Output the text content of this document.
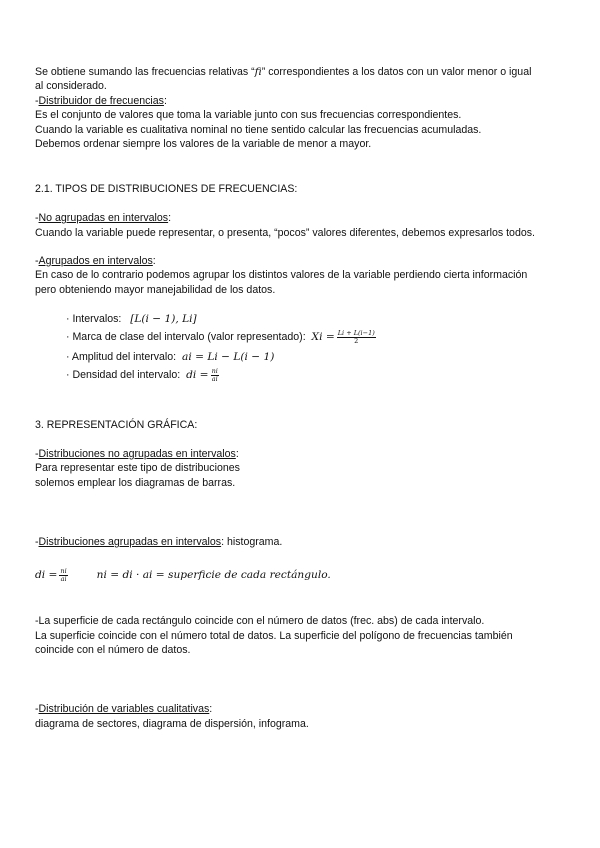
Se obtiene sumando las frecuencias relativas “fi” correspondientes a los datos con un valor menor o igual
al considerado.
-Distribuidor de frecuencias:
Es el conjunto de valores que toma la variable junto con sus frecuencias correspondientes.
Cuando la variable es cualitativa nominal no tiene sentido calcular las frecuencias acumuladas.
Debemos ordenar siempre los valores de la variable de menor a mayor.
2.1. TIPOS DE DISTRIBUCIONES DE FRECUENCIAS:
-No agrupadas en intervalos:
Cuando la variable puede representar, o presenta, “pocos” valores diferentes, debemos expresarlos todos.
-Agrupados en intervalos:
En caso de lo contrario podemos agrupar los distintos valores de la variable perdiendo cierta información
pero obteniendo mayor manejabilidad de los datos.
· Intervalos: [L(i − 1), Li]
· Marca de clase del intervalo (valor representado): $Xi = \frac{Li + L(i-1)}{2}$
· Amplitud del intervalo: ai = Li − L(i − 1)
· Densidad del intervalo: di = $\frac{ni}{ai}$
3. REPRESENTACIÓN GRÁFICA:
-Distribuciones no agrupadas en intervalos:
Para representar este tipo de distribuciones
solemos emplear los diagramas de barras.
-Distribuciones agrupadas en intervalos: histograma.
di = $\frac{ni}{ai}$	ni = di · ai = superficie de cada rectángulo.
-La superficie de cada rectángulo coincide con el número de datos (frec. abs) de cada intervalo.
La superficie coincide con el número total de datos. La superficie del polígono de frecuencias también
coincide con el número de datos.
-Distribución de variables cualitativas:
diagrama de sectores, diagrama de dispersión, infograma.
